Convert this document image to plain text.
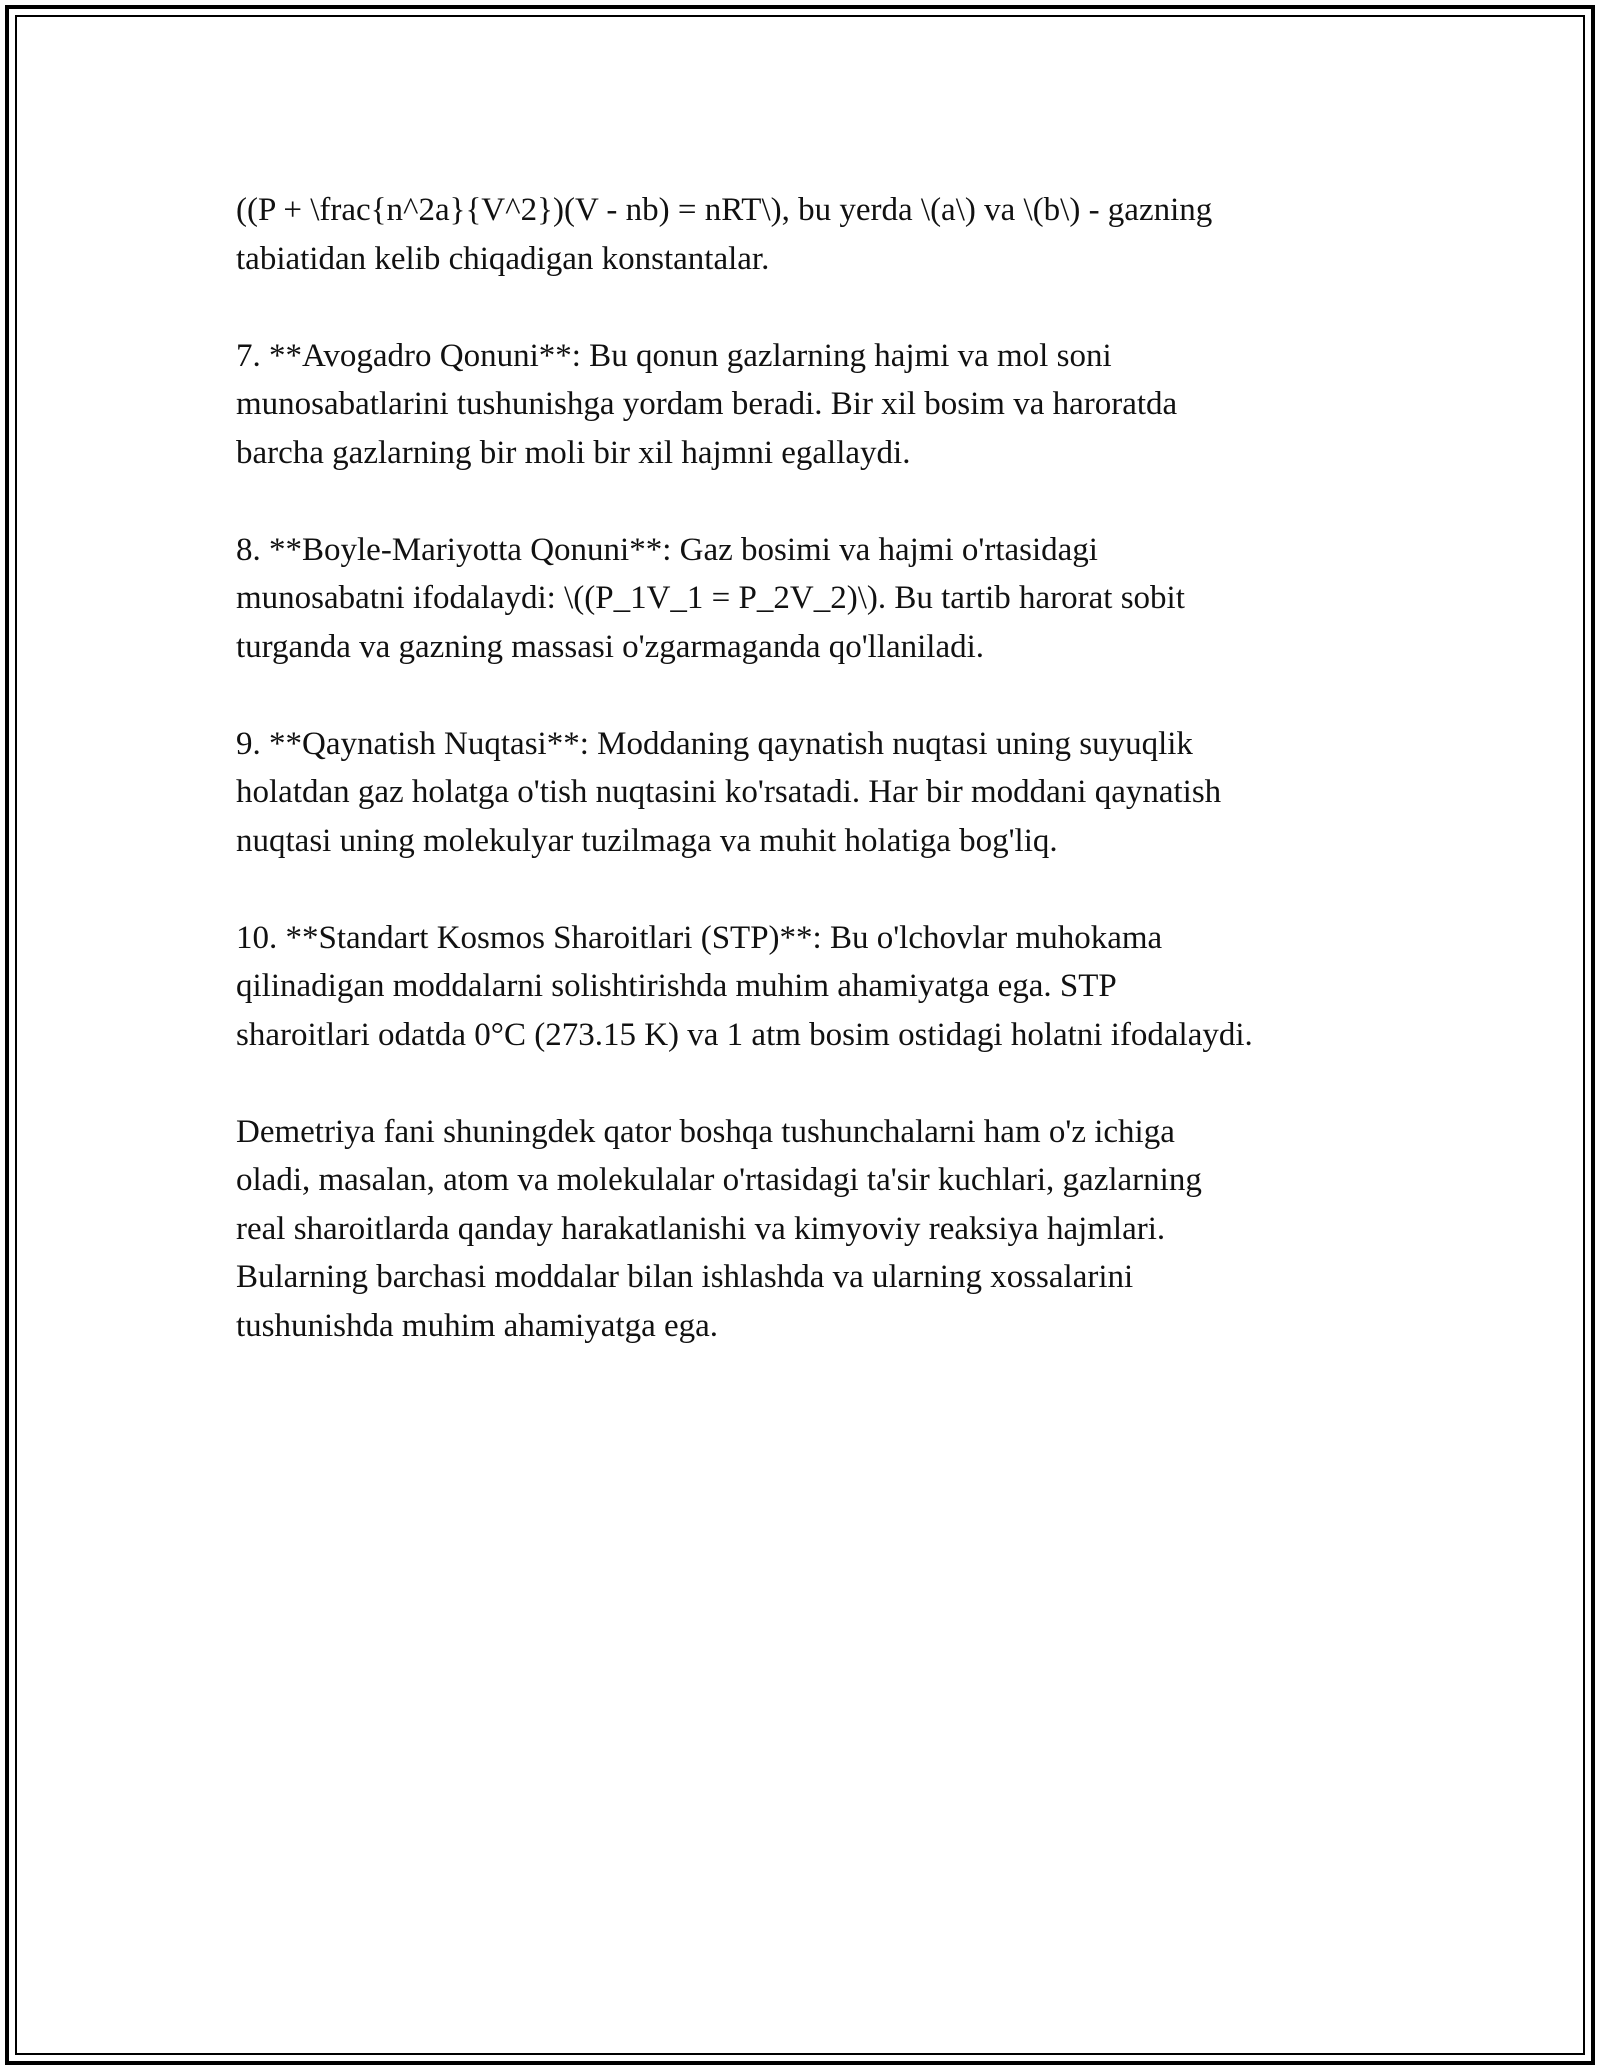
((P + \frac{n^2a}{V^2})(V - nb) = nRT\), bu yerda \(a\) va \(b\) - gazning
tabiatidan kelib chiqadigan konstantalar.

7. **Avogadro Qonuni**: Bu qonun gazlarning hajmi va mol soni
munosabatlarini tushunishga yordam beradi. Bir xil bosim va haroratda
barcha gazlarning bir moli bir xil hajmni egallaydi.

8. **Boyle-Mariyotta Qonuni**: Gaz bosimi va hajmi o'rtasidagi
munosabatni ifodalaydi: \((P_1V_1 = P_2V_2)\). Bu tartib harorat sobit
turganda va gazning massasi o'zgarmaganda qo'llaniladi.

9. **Qaynatish Nuqtasi**: Moddaning qaynatish nuqtasi uning suyuqlik
holatdan gaz holatga o'tish nuqtasini ko'rsatadi. Har bir moddani qaynatish
nuqtasi uning molekulyar tuzilmaga va muhit holatiga bog'liq.

10. **Standart Kosmos Sharoitlari (STP)**: Bu o'lchovlar muhokama
qilinadigan moddalarni solishtirishda muhim ahamiyatga ega. STP
sharoitlari odatda 0°C (273.15 K) va 1 atm bosim ostidagi holatni ifodalaydi.

Demetriya fani shuningdek qator boshqa tushunchalarni ham o'z ichiga
oladi, masalan, atom va molekulalar o'rtasidagi ta'sir kuchlari, gazlarning
real sharoitlarda qanday harakatlanishi va kimyoviy reaksiya hajmlari.
Bularning barchasi moddalar bilan ishlashda va ularning xossalarini
tushunishda muhim ahamiyatga ega.
